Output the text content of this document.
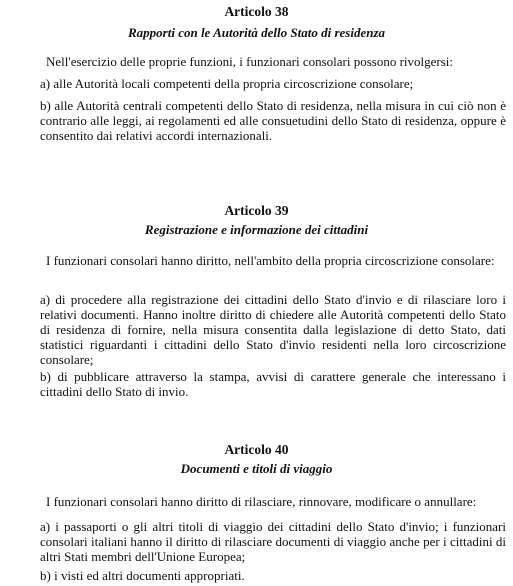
Articolo 38
Rapporti con le Autorità dello Stato di residenza
Nell'esercizio delle proprie funzioni, i funzionari consolari possono rivolgersi:
a) alle Autorità locali competenti della propria circoscrizione consolare;
b) alle Autorità centrali competenti dello Stato di residenza, nella misura in cui ciò non è contrario alle leggi, ai regolamenti ed alle consuetudini dello Stato di residenza, oppure è consentito dai relativi accordi internazionali.
Articolo 39
Registrazione e informazione dei cittadini
I funzionari consolari hanno diritto, nell'ambito della propria circoscrizione consolare:
a) di procedere alla registrazione dei cittadini dello Stato d'invio e di rilasciare loro i relativi documenti. Hanno inoltre diritto di chiedere alle Autorità competenti dello Stato di residenza di fornire, nella misura consentita dalla legislazione di detto Stato, dati statistici riguardanti i cittadini dello Stato d'invio residenti nella loro circoscrizione consolare;
b) di pubblicare attraverso la stampa, avvisi di carattere generale che interessano i cittadini dello Stato di invio.
Articolo 40
Documenti e titoli di viaggio
I funzionari consolari hanno diritto di rilasciare, rinnovare, modificare o annullare:
a) i passaporti o gli altri titoli di viaggio dei cittadini dello Stato d'invio; i funzionari consolari italiani hanno il diritto di rilasciare documenti di viaggio anche per i cittadini di altri Stati membri dell'Unione Europea;
b) i visti ed altri documenti appropriati.
